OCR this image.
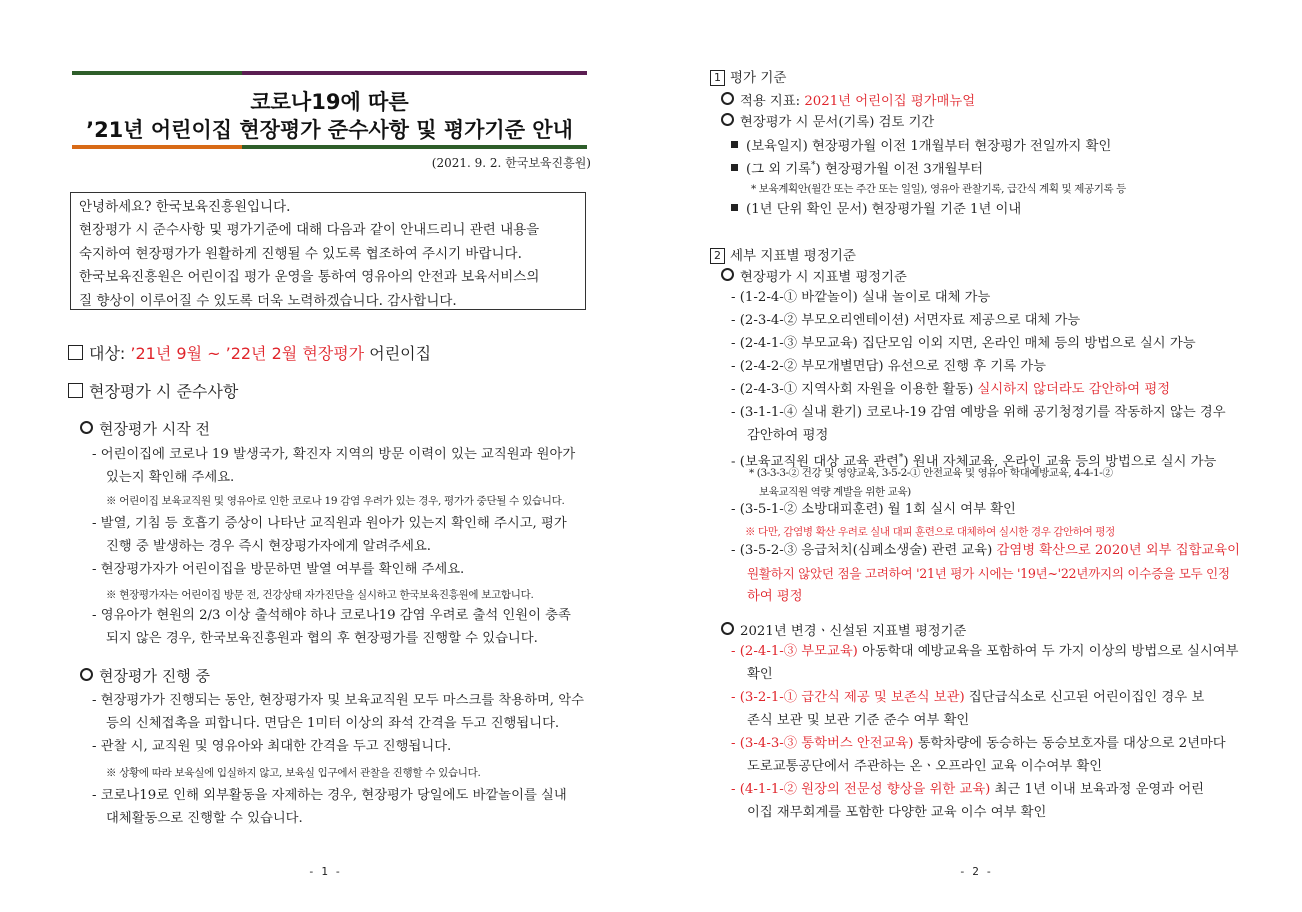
코로나19에 따른
’21년 어린이집 현장평가 준수사항 및 평가기준 안내
(2021. 9. 2. 한국보육진흥원)
안녕하세요? 한국보육진흥원입니다.
현장평가 시 준수사항 및 평가기준에 대해 다음과 같이 안내드리니 관련 내용을
숙지하여 현장평가가 원활하게 진행될 수 있도록 협조하여 주시기 바랍니다.
한국보육진흥원은 어린이집 평가 운영을 통하여 영유아의 안전과 보육서비스의
질 향상이 이루어질 수 있도록 더욱 노력하겠습니다. 감사합니다.
대상: ’21년 9월 ~ ’22년 2월 현장평가 어린이집
현장평가 시 준수사항
현장평가 시작 전
- 어린이집에 코로나 19 발생국가, 확진자 지역의 방문 이력이 있는 교직원과 원아가
있는지 확인해 주세요.
※ 어린이집 보육교직원 및 영유아로 인한 코로나 19 감염 우려가 있는 경우, 평가가 중단될 수 있습니다.
- 발열, 기침 등 호흡기 증상이 나타난 교직원과 원아가 있는지 확인해 주시고, 평가
진행 중 발생하는 경우 즉시 현장평가자에게 알려주세요.
- 현장평가자가 어린이집을 방문하면 발열 여부를 확인해 주세요.
※ 현장평가자는 어린이집 방문 전, 건강상태 자가진단을 실시하고 한국보육진흥원에 보고합니다.
- 영유아가 현원의 2/3 이상 출석해야 하나 코로나19 감염 우려로 출석 인원이 충족
되지 않은 경우, 한국보육진흥원과 협의 후 현장평가를 진행할 수 있습니다.
현장평가 진행 중
- 현장평가가 진행되는 동안, 현장평가자 및 보육교직원 모두 마스크를 착용하며, 악수
등의 신체접촉을 피합니다. 면담은 1미터 이상의 좌석 간격을 두고 진행됩니다.
- 관찰 시, 교직원 및 영유아와 최대한 간격을 두고 진행됩니다.
※ 상황에 따라 보육실에 입실하지 않고, 보육실 입구에서 관찰을 진행할 수 있습니다.
- 코로나19로 인해 외부활동을 자제하는 경우, 현장평가 당일에도 바깥놀이를 실내
대체활동으로 진행할 수 있습니다.
- 1 -
1 평가 기준
적용 지표: 2021년 어린이집 평가매뉴얼
현장평가 시 문서(기록) 검토 기간
(보육일지) 현장평가월 이전 1개월부터 현장평가 전일까지 확인
(그 외 기록*) 현장평가월 이전 3개월부터
* 보육계획안(월간 또는 주간 또는 일일), 영유아 관찰기록, 급간식 계획 및 제공기록 등
(1년 단위 확인 문서) 현장평가월 기준 1년 이내
2 세부 지표별 평정기준
현장평가 시 지표별 평정기준
- (1-2-4-① 바깥놀이) 실내 놀이로 대체 가능
- (2-3-4-② 부모오리엔테이션) 서면자료 제공으로 대체 가능
- (2-4-1-③ 부모교육) 집단모임 이외 지면, 온라인 매체 등의 방법으로 실시 가능
- (2-4-2-② 부모개별면담) 유선으로 진행 후 기록 가능
- (2-4-3-① 지역사회 자원을 이용한 활동) 실시하지 않더라도 감안하여 평정
- (3-1-1-④ 실내 환기) 코로나-19 감염 예방을 위해 공기청정기를 작동하지 않는 경우
감안하여 평정
- (보육교직원 대상 교육 관련*) 원내 자체교육, 온라인 교육 등의 방법으로 실시 가능
* (3-3-3-② 건강 및 영양교육, 3-5-2-① 안전교육 및 영유아 학대예방교육, 4-4-1-②
보육교직원 역량 계발을 위한 교육)
- (3-5-1-② 소방대피훈련) 월 1회 실시 여부 확인
※ 다만, 감염병 확산 우려로 실내 대피 훈련으로 대체하여 실시한 경우 감안하여 평정
- (3-5-2-③ 응급처치(심폐소생술) 관련 교육) 감염병 확산으로 2020년 외부 집합교육이
원활하지 않았던 점을 고려하여 '21년 평가 시에는 '19년~'22년까지의 이수증을 모두 인정
하여 평정
2021년 변경ㆍ신설된 지표별 평정기준
- (2-4-1-③ 부모교육) 아동학대 예방교육을 포함하여 두 가지 이상의 방법으로 실시여부
확인
- (3-2-1-① 급간식 제공 및 보존식 보관) 집단급식소로 신고된 어린이집인 경우 보
존식 보관 및 보관 기준 준수 여부 확인
- (3-4-3-③ 통학버스 안전교육) 통학차량에 동승하는 동승보호자를 대상으로 2년마다
도로교통공단에서 주관하는 온ㆍ오프라인 교육 이수여부 확인
- (4-1-1-② 원장의 전문성 향상을 위한 교육) 최근 1년 이내 보육과정 운영과 어린
이집 재무회계를 포함한 다양한 교육 이수 여부 확인
- 2 -
